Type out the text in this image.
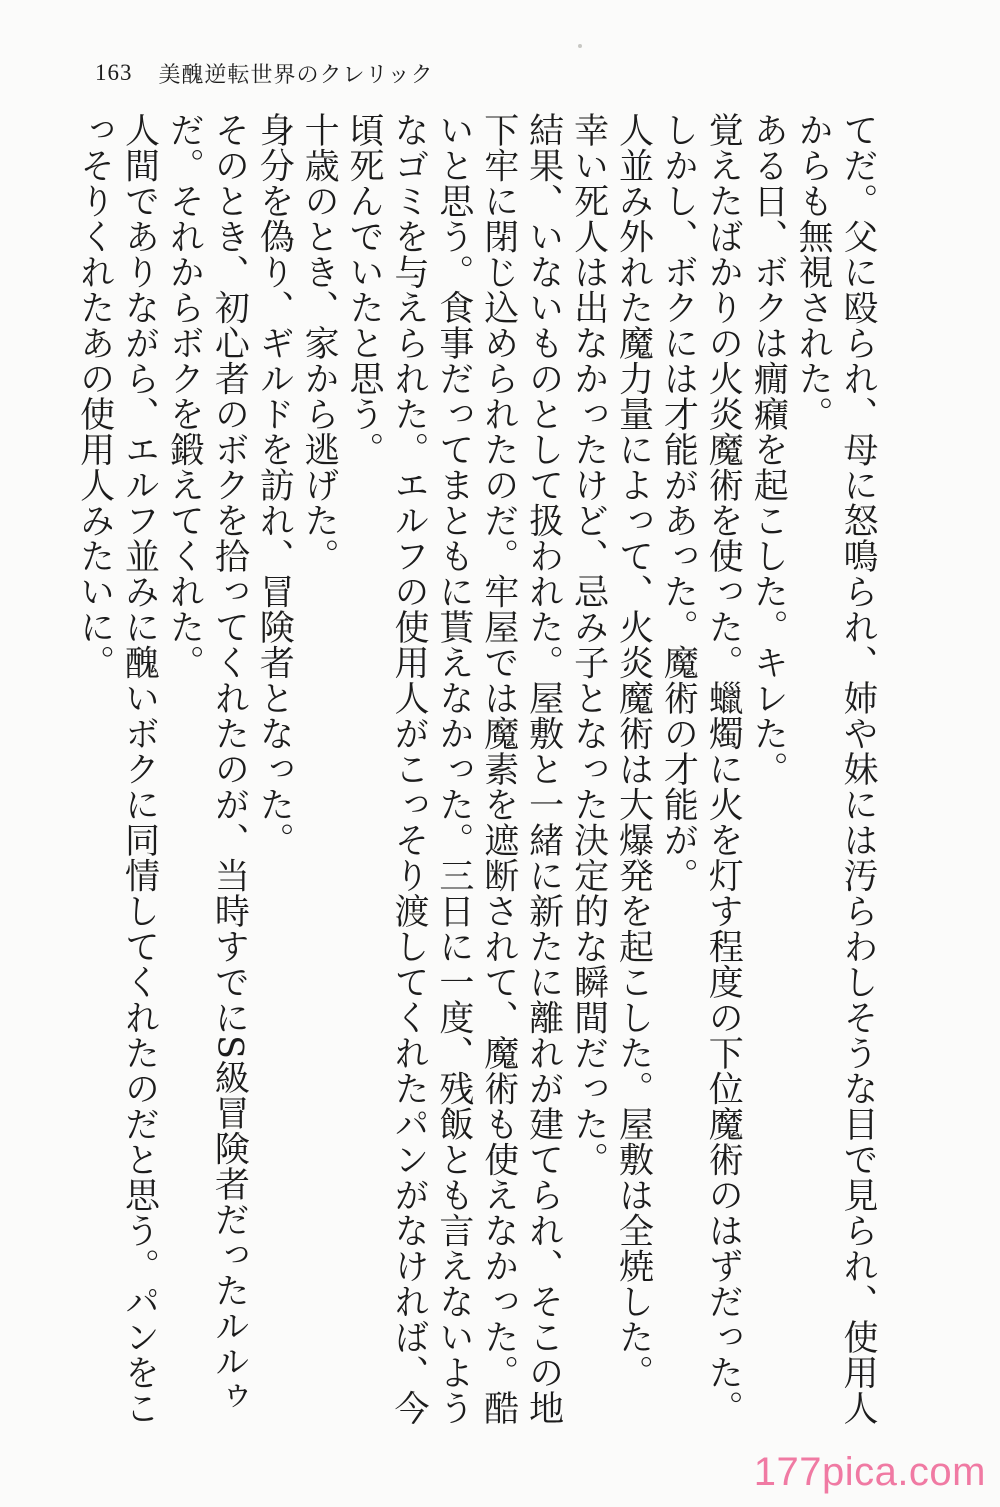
163 美醜逆転世界のクレリック

てだ。父に殴られ、母に怒鳴られ、姉や妹には汚らわしそうな目で見られ、使用人からも無視された。

ある日、ボクは癇癪を起こした。キレた。

覚えたばかりの火炎魔術を使った。蠟燭に火を灯す程度の下位魔術のはずだった。しかし、ボクには才能があった。魔術の才能が。

人並み外れた魔力量によって、火炎魔術は大爆発を起こした。屋敷は全焼した。

幸い死人は出なかったけど、忌み子となった決定的な瞬間だった。

結果、いないものとして扱われた。屋敷と一緒に新たに離れが建てられ、そこの地下牢に閉じ込められたのだ。牢屋では魔素を遮断されて、魔術も使えなかった。酷いと思う。食事だってまともに貰えなかった。三日に一度、残飯とも言えないようなゴミを与えられた。エルフの使用人がこっそり渡してくれたパンがなければ、今頃死んでいたと思う。

十歳のとき、家から逃げた。

身分を偽り、ギルドを訪れ、冒険者となった。

そのとき、初心者のボクを拾ってくれたのが、当時すでにS級冒険者だったルルゥだ。それからボクを鍛えてくれた。

人間でありながら、エルフ並みに醜いボクに同情してくれたのだと思う。パンをこっそりくれたあの使用人みたいに。

177pica.com
